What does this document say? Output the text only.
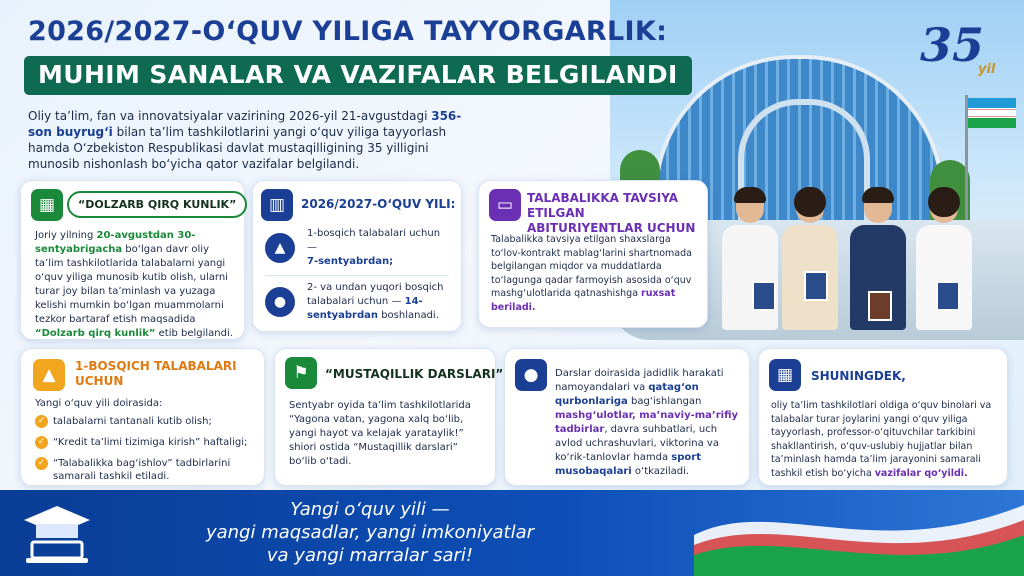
35
yil
2026/2027-O‘QUV YILIGA TAYYORGARLIK:
MUHIM SANALAR VA VAZIFALAR BELGILANDI
Oliy ta’lim, fan va innovatsiyalar vazirining 2026-yil 21-avgustdagi 356-son buyrug‘i bilan ta’lim tashkilotlarini yangi o‘quv yiliga tayyorlash hamda O‘zbekiston Respublikasi davlat mustaqilligining 35 yilligini munosib nishonlash bo‘yicha qator vazifalar belgilandi.
▦	“DOLZARB QIRQ KUNLIK”
Joriy yilning 20-avgustdan 30-sentyabrigacha bo‘lgan davr oliy ta’lim tashkilotlarida talabalarni yangi o‘quv yiliga munosib kutib olish, ularni turar joy bilan ta’minlash va yuzaga kelishi mumkin bo‘lgan muammolarni tezkor bartaraf etish maqsadida “Dolzarb qirq kunlik” etib belgilandi.
▥	2026/2027-O‘QUV YILI:
▲
1-bosqich talabalari uchun —
7-sentyabrdan;
●
2- va undan yuqori bosqich talabalari uchun — 14-sentyabrdan boshlanadi.
▭	TALABALIKKA TAVSIYA ETILGAN ABITURIYENTLAR UCHUN
Talabalikka tavsiya etilgan shaxslarga to‘lov-kontrakt mablag‘larini shartnomada belgilangan miqdor va muddatlarda to‘lagunga qadar farmoyish asosida o‘quv mashg‘ulotlarida qatnashishga ruxsat beriladi.
▲	1-BOSQICH TALABALARI UCHUN
Yangi o‘quv yili doirasida:
✓ talabalarni tantanali kutib olish;
✓ “Kredit ta’limi tizimiga kirish” haftaligi;
✓ “Talabalikka bag‘ishlov” tadbirlarini samarali tashkil etiladi.
⚑	“MUSTAQILLIK DARSLARI”
Sentyabr oyida ta’lim tashkilotlarida “Yagona vatan, yagona xalq bo‘lib, yangi hayot va kelajak yarataylik!” shiori ostida “Mustaqillik darslari” bo‘lib o‘tadi.
●	Darslar doirasida jadidlik harakati namoyandalari va qatag‘on qurbonlariga bag‘ishlangan mashg‘ulotlar, ma’naviy-ma’rifiy tadbirlar, davra suhbatlari, uch avlod uchrashuvlari, viktorina va ko‘rik-tanlovlar hamda sport musobaqalari o‘tkaziladi.
▦	SHUNINGDEK,
oliy ta’lim tashkilotlari oldiga o‘quv binolari va talabalar turar joylarini yangi o‘quv yiliga tayyorlash, professor-o‘qituvchilar tarkibini shakllantirish, o‘quv-uslubiy hujjatlar bilan ta’minlash hamda ta’lim jarayonini samarali tashkil etish bo‘yicha vazifalar qo‘yildi.
Yangi o‘quv yili —
yangi maqsadlar, yangi imkoniyatlar
va yangi marralar sari!
